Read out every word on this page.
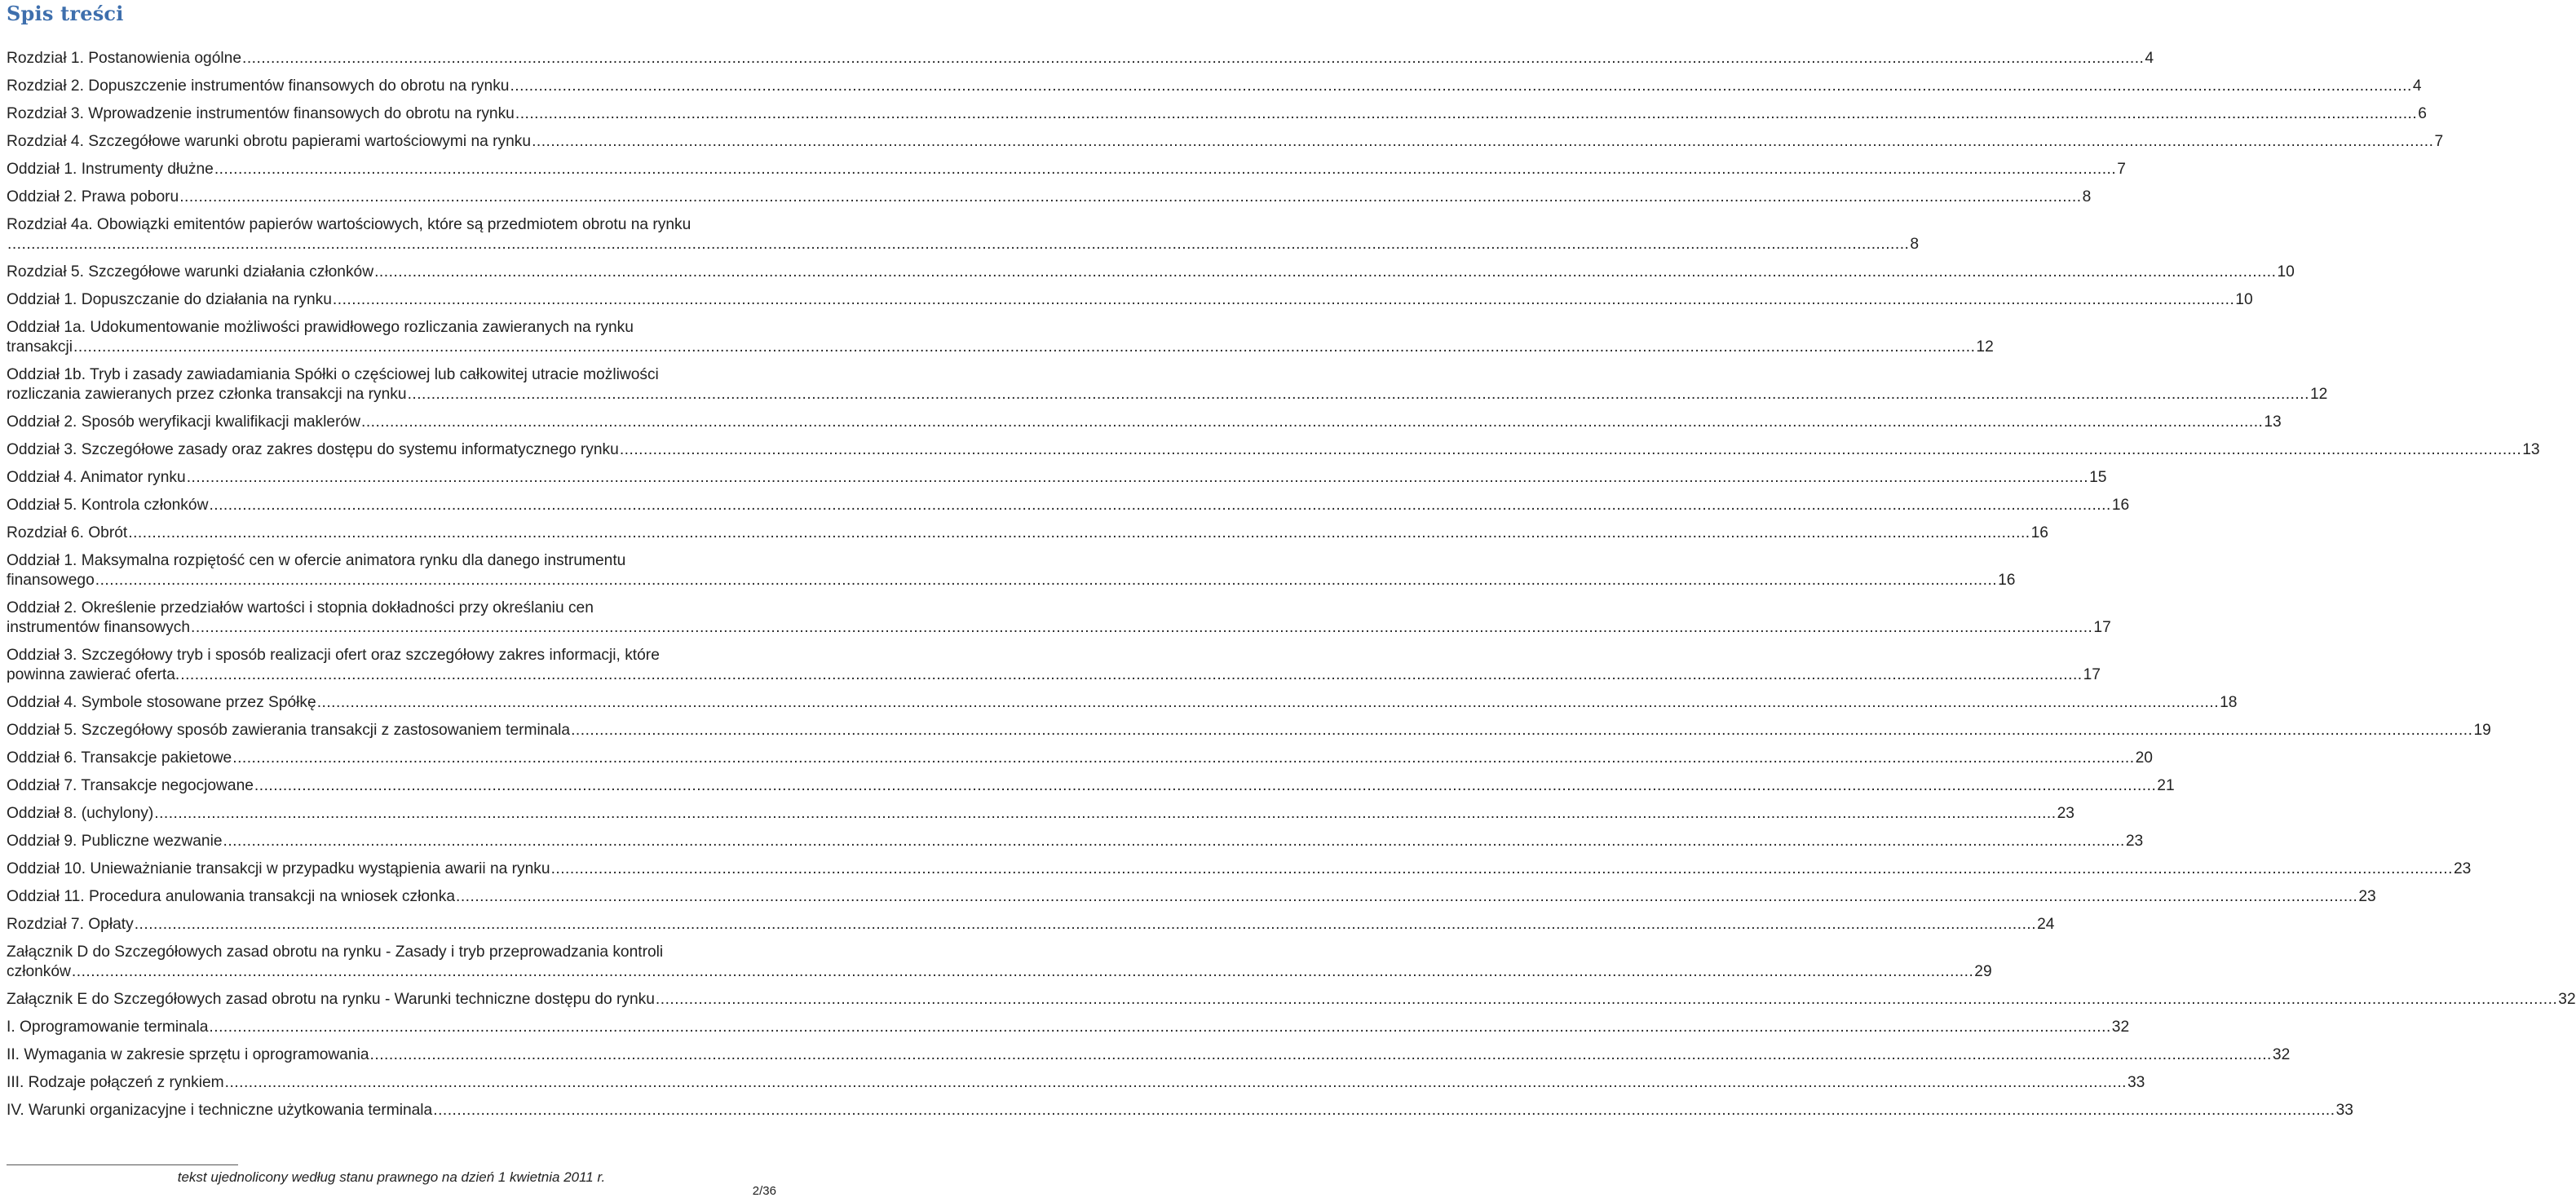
Spis treści
Rozdział 1. Postanowienia ogólne ................................................................................................................................................................................................................................................................................................................................................................................................................ 4
Rozdział 2. Dopuszczenie instrumentów finansowych do obrotu na rynku ................................................................................................................................................................................................................................................................................................................................................................................................................ 4
Rozdział 3. Wprowadzenie instrumentów finansowych do obrotu na rynku ................................................................................................................................................................................................................................................................................................................................................................................................................ 6
Rozdział 4. Szczegółowe warunki obrotu papierami wartościowymi na rynku ................................................................................................................................................................................................................................................................................................................................................................................................................ 7
Oddział 1. Instrumenty dłużne ................................................................................................................................................................................................................................................................................................................................................................................................................ 7
Oddział 2. Prawa poboru ................................................................................................................................................................................................................................................................................................................................................................................................................ 8
Rozdział 4a. Obowiązki emitentów papierów wartościowych, które są przedmiotem obrotu na rynku
................................................................................................................................................................................................................................................................................................................................................................................................................ 8
Rozdział 5. Szczegółowe warunki działania członków ................................................................................................................................................................................................................................................................................................................................................................................................................ 10
Oddział 1. Dopuszczanie do działania na rynku ................................................................................................................................................................................................................................................................................................................................................................................................................ 10
Oddział 1a. Udokumentowanie możliwości prawidłowego rozliczania zawieranych na rynku
transakcji ................................................................................................................................................................................................................................................................................................................................................................................................................ 12
Oddział 1b. Tryb i zasady zawiadamiania Spółki o częściowej lub całkowitej utracie możliwości
rozliczania zawieranych przez członka transakcji na rynku ................................................................................................................................................................................................................................................................................................................................................................................................................ 12
Oddział 2. Sposób weryfikacji kwalifikacji maklerów ................................................................................................................................................................................................................................................................................................................................................................................................................ 13
Oddział 3. Szczegółowe zasady oraz zakres dostępu do systemu informatycznego rynku ................................................................................................................................................................................................................................................................................................................................................................................................................ 13
Oddział 4. Animator rynku ................................................................................................................................................................................................................................................................................................................................................................................................................ 15
Oddział 5. Kontrola członków ................................................................................................................................................................................................................................................................................................................................................................................................................ 16
Rozdział 6. Obrót ................................................................................................................................................................................................................................................................................................................................................................................................................ 16
Oddział 1. Maksymalna rozpiętość cen w ofercie animatora rynku dla danego instrumentu
finansowego ................................................................................................................................................................................................................................................................................................................................................................................................................ 16
Oddział 2. Określenie przedziałów wartości i stopnia dokładności przy określaniu cen
instrumentów finansowych ................................................................................................................................................................................................................................................................................................................................................................................................................ 17
Oddział 3. Szczegółowy tryb i sposób realizacji ofert oraz szczegółowy zakres informacji, które
powinna zawierać oferta. ................................................................................................................................................................................................................................................................................................................................................................................................................ 17
Oddział 4. Symbole stosowane przez Spółkę ................................................................................................................................................................................................................................................................................................................................................................................................................ 18
Oddział 5. Szczegółowy sposób zawierania transakcji z zastosowaniem terminala ................................................................................................................................................................................................................................................................................................................................................................................................................ 19
Oddział 6. Transakcje pakietowe ................................................................................................................................................................................................................................................................................................................................................................................................................ 20
Oddział 7. Transakcje negocjowane ................................................................................................................................................................................................................................................................................................................................................................................................................ 21
Oddział 8. (uchylony) ................................................................................................................................................................................................................................................................................................................................................................................................................ 23
Oddział 9. Publiczne wezwanie ................................................................................................................................................................................................................................................................................................................................................................................................................ 23
Oddział 10. Unieważnianie transakcji w przypadku wystąpienia awarii na rynku ................................................................................................................................................................................................................................................................................................................................................................................................................ 23
Oddział 11. Procedura anulowania transakcji na wniosek członka ................................................................................................................................................................................................................................................................................................................................................................................................................ 23
Rozdział 7. Opłaty ................................................................................................................................................................................................................................................................................................................................................................................................................ 24
Załącznik D do Szczegółowych zasad obrotu na rynku - Zasady i tryb przeprowadzania kontroli
członków ................................................................................................................................................................................................................................................................................................................................................................................................................ 29
Załącznik E do Szczegółowych zasad obrotu na rynku - Warunki techniczne dostępu do rynku ................................................................................................................................................................................................................................................................................................................................................................................................................ 32
I. Oprogramowanie terminala ................................................................................................................................................................................................................................................................................................................................................................................................................ 32
II. Wymagania w zakresie sprzętu i oprogramowania ................................................................................................................................................................................................................................................................................................................................................................................................................ 32
III. Rodzaje połączeń z rynkiem ................................................................................................................................................................................................................................................................................................................................................................................................................ 33
IV. Warunki organizacyjne i techniczne użytkowania terminala ................................................................................................................................................................................................................................................................................................................................................................................................................ 33
tekst ujednolicony według stanu prawnego na dzień 1 kwietnia 2011 r.
2/36
